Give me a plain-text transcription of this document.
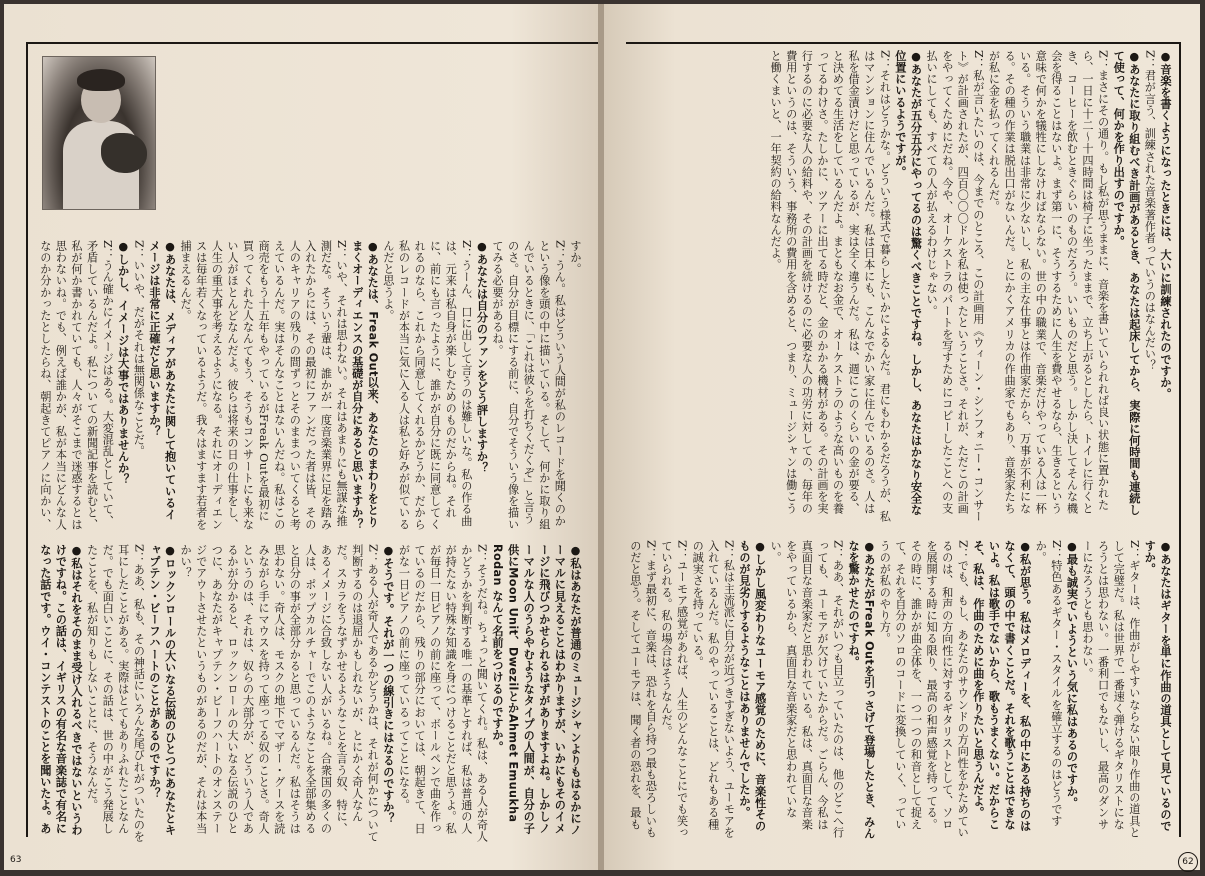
すか。

Z：うん。私はどういう人間が私のレコードを聞くのかという像を頭の中に描いている。そして、何かに取り組んでいるときに、「これは彼らを打ちくだくぞ」と言うのさ。自分が目標にする前に、自分でそういう像を描いてみる必要があるね。

●あなたは自分のファンをどう評しますか？

Z：うーん、口に出して言うのは難しいな。私の作る曲は、元来は私自身が楽しむためのものだからね。それに、前にも言ったように、誰かが自分に既に同意してくれるのなら、これから同意してくれるかどうか、だから私のレコードが本当に気に入る人は私と好みが似ているんだと思うよ。

●あなたは、Freak Out以来、あなたのまわりをとりまくオーディエンスの基礎が自分にあると思いますか？

Z：いや、それは思わない。それはあまりにも無謀な推測だな。そういう輩は、誰かが一度音楽業界に足を踏み入れたからには、その最初にファンだった者は皆、その人のキャリアの残りの間ずっとそのままついてくると考えているんだ。実はそんなことはないんだね。私はこの商売をもう十五年もやっているがFreak Outを最初に買ってくれた人なんてもう、そうもコンサートにも来ない人がほとんどなんだよ。彼らは将来の日の仕事をし、人生の重大事を考えるようになる。それにオーディエンスは毎年若くなっているようだ。我々はますます若者を捕まえるんだ。

●あなたは、メディアがあなたに関して抱いているイメージは非常に正確だと思いますか？

Z：いいや、だがそれは無関係なことだ。

●しかし、イメージは大事ではありませんか？

Z：うん確かにイメージはある。大変混乱としていて、矛盾しているんだよ。私についての新聞記事を読むと、私が何か書かれていても、人々がそこまで迷惑するとは思わないね。でも、例えば誰かが、私が本当にどんな人なのか分かったとしたらね、朝起きてピアノに向かい、

●私はあなたが普通のミュージシャンよりもはるかにノーマルに見えることはわかりますが、いかにもそのイメージに飛びつかせられるはずがありますよね。しかしノーマルな人のうらやむようなタイプの人間が、自分の子供にMoon Unit、DwezilとかAhmet Emuukha Rodan なんて名前をつけるのですか。

Z：そうだね。ちょっと聞いてくれ。私は、ある人が奇人かどうかを判断する唯一の基準とすれば、私は普通の人が持たない特殊な知識を身につけることだと思うよ。私が毎日一日ピアノの前に座って、ボールペンで曲を作っているのだから、残りの部分においては、朝起きて、日がな一日ピアノの前に座っているってことになる。

●そうです。それが一つの線引きにはなるのですか？

Z：ある人が奇人であるかどうかは、それが何かについて判断するのは退屈かもしれないが、とにかく奇人なんだ。スカラをうなずかせるようなことを言う奴、特に、あるイメージに合致しない人がいるね。合衆国の多くの人は、ポップカルチャーでこのようなことを全部集めると自分の事が全部分かると思っているんだ。私はそうは思わない。奇人は、モスクの地下でマザー・グースを読みながら手にマウスを持って座ってる奴のことさ。奇人というのは、それは、奴らの大部分が、どういう人であるかが分かると、ロックンロールの大いなる伝説のひとつに、あなたがキャプテン・ビーフハートのオンステージでアウトさせたというものがあるのだが、それは本当かい？

●ロックンロールの大いなる伝説のひとつにあなたとキャプテン・ビーフハートのことがあるのですか？

Z：ああ、私も、その神話にいろんな尾びれがついたのを耳にしたことがある。実際はとてもありふれたことなんだ。でも面白いことに、その話は、世の中がこう発展したことを、私が知りもしないことに、そうなんだ。

●私はそれをそのまま受け入れるべきではないというわけですね。この話は、イギリスの有名な音楽誌で有名になった話です。ウイ・コンテストのことを聞いたよ。あ

63

●音楽を書くようになったときには、大いに訓練されたのですか。

Z：君が言う、訓練された音楽著作者っていうのはなんだい？

●あなたに取り組むべき計画があるとき、あなたは起床してから、実際に何時間も連続して使って、何かを作り出すのですか。

Z：まさにその通り。もし私が思うままに、音楽を書いていられれば良い状態に置かれたら、一日に十二～十四時間は椅子に坐ったままで、立ち上がるとしたら、トイレに行くとき、コーヒーを飲むときぐらいのものだろう。いいものだと思う。しかし決してそんな機会を得ることはないよ。まず第一に、そうするために人生を費やせるなら、生きるという意味で何かを犠牲にしなければならない。世の中の職業で、音楽だけやっている人は一杯いる。そういう職業は非常に少ないし、私の主な仕事とは作曲家だから、万事が不利になる。その種の作業は脱出口がないんだ。とにかくアメリカの作曲家でもあり、音楽家たちが私に金を払ってくれるんだ。

Z：私が言いたいのは、今までのところ、この計画用《ウィーン・シンフォニー・コンサート》が計画されたが、四百〇〇〇ドルを私は使ったということさ。それが、ただこの計画をやってくためにだね。今や、オーケストラのパートを写すためにコピーしたことへの支払いにしても、すべての人が払えるわけじゃない。

●あなたが五分五分にやってるのは驚くべきことですね。しかし、あなたはかなり安全な位置にいるようですが。

Z：それはどうかな。どういう様式で暮らしたいかによるんだ。君にもわかるだろうが、私はマンションに住んでいるんだ。私は日本にも、こんなでかい家に住んでいるのさ。人は私を借金漬けだと思っているが、実は全く違うんだ。私は、週にこのくらいの金が要る、と決めてる生活をしているんだよ。まともなお金で、オーケストラのような高いものを養ってるわけさ。たしかに、ツアーに出てる時だと、金のかかる機材がある。その計画を実行するのに必要な人の給料や、その計画を続けるのに必要な人の功労に対しての、毎年の費用というのは、そういう、事務所の費用を含めると、つまり、ミュージシャンは働こうと働くまいと、一年契約の給料なんだよ。

●あなたはギターを単に作曲の道具として見ているのですか。

Z：ギターは、作曲がしやすいならない限り作曲の道具として完璧だ。私は世界で一番速く弾けるギタリストになろうとは思わない。一番利口でもないし、最高のダンサーになろうとも思わない。

●最も誠実でいようという気に私はあるのですか。

Z：特色あるギター・スタイルを確立するのはどうですか。

●私が思う。私はメロディーを、私の中にある持ちのはなくて、頭の中で書くことだ。それを歌うことはできないよ。私は歌手でないから、歌もうまくない。だからこそ、私は、作曲のために曲を作りたいと思うんだよ。

Z：でも、もし、あなたのサウンドの方向性をかためているのは、和声の方向性に対するギタリストとして、ソロを展開する時に知る限り、最高の和声感覚を持ってる。その時に、誰かが曲全体を、一つ一つの和音として捉えて、それを自分のソロのコードに変換していく、っていうのが私のやり方。

●あなたがFreak Outを引っさげて登場したとき、みんなを驚かせたのですね。

Z：ああ、それがいつも目立っていたのは、他のどこへ行っても、ユーモアが欠けていたからだ。ごらん、今私は真面目な音楽家だと思われている。私は、真面目な音楽をやっているから、真面目な音楽家だと思われていない。

●しかし風変わりなユーモア感覚のために、音楽性そのものが見劣りするようなことはありませんでしたか。

Z：私は主流派に自分が近づきすぎないよう、ユーモアを入れているんだ。私のやっていることは、どれもある種の誠実さを持っている。

Z：ユーモア感覚があれば、人生のどんなことにでも笑っていられる。私の場合はそうなんだ。

Z：まず最初に、音楽は、恐れを自ら持つ最も恐ろしいものだと思う。そしてユーモアは、聞く者の恐れを、最も

62
